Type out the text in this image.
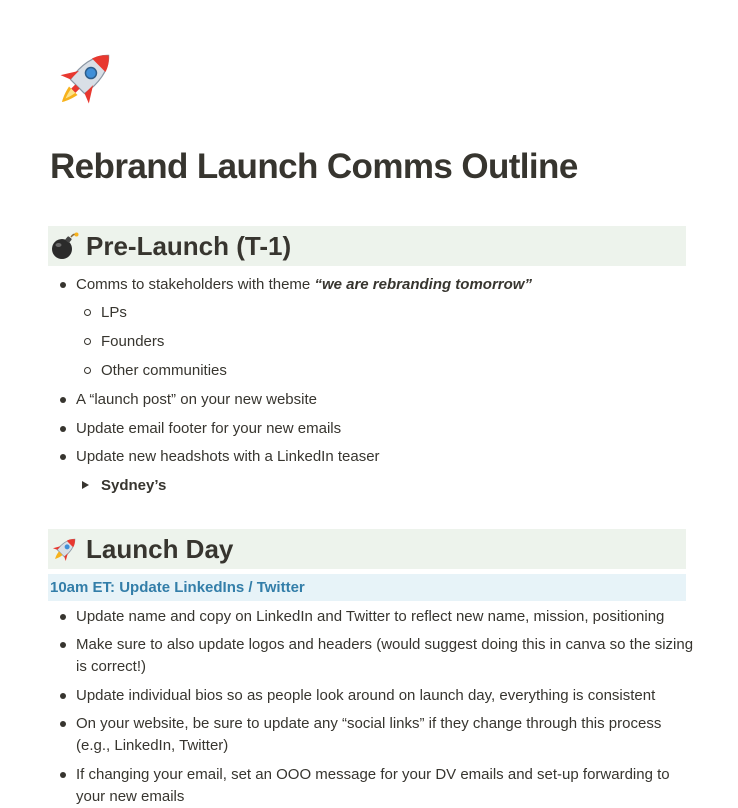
Rebrand Launch Comms Outline
Pre-Launch (T-1)
Comms to stakeholders with theme “we are rebranding tomorrow”
LPs
Founders
Other communities
A “launch post” on your new website
Update email footer for your new emails
Update new headshots with a LinkedIn teaser
Sydney’s
Launch Day
10am ET: Update LinkedIns / Twitter
Update name and copy on LinkedIn and Twitter to reflect new name, mission, positioning
Make sure to also update logos and headers (would suggest doing this in canva so the sizing
is correct!)
Update individual bios so as people look around on launch day, everything is consistent
On your website, be sure to update any “social links” if they change through this process
(e.g., LinkedIn, Twitter)
If changing your email, set an OOO message for your DV emails and set-up forwarding to
your new emails
